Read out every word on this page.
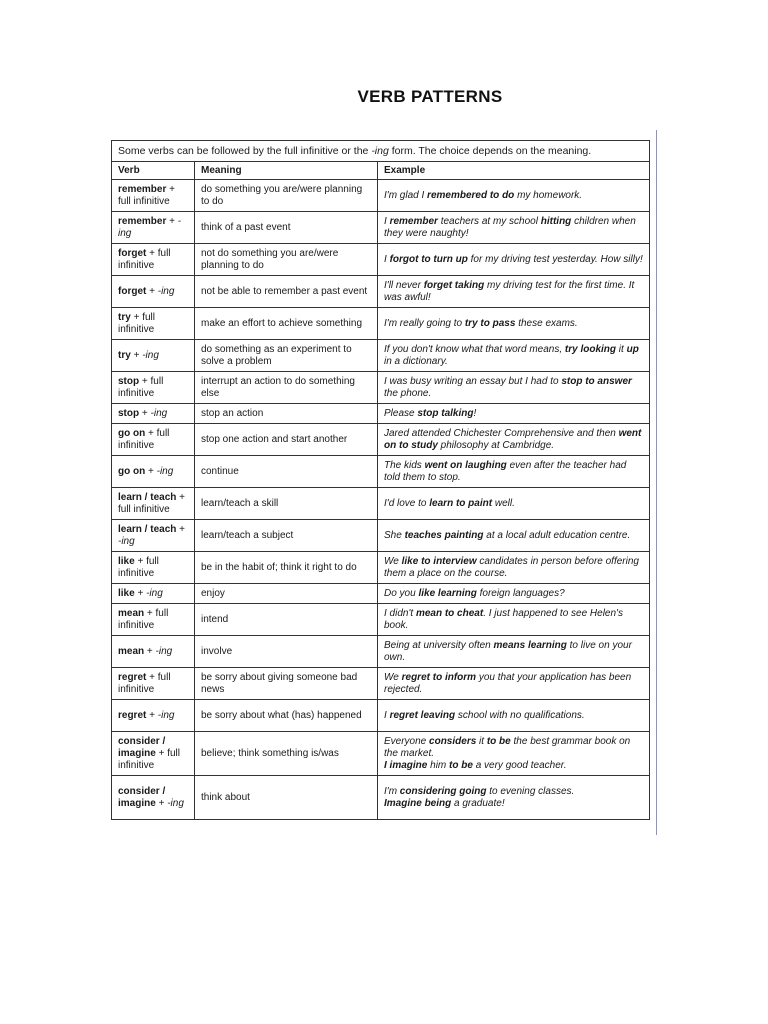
VERB PATTERNS
Some verbs can be followed by the full infinitive or the -ing form. The choice depends on the meaning.		
Verb	Meaning	Example
remember + full infinitive	do something you are/were planning to do	I'm glad I remembered to do my homework.
remember + -ing	think of a past event	I remember teachers at my school hitting children when they were naughty!
forget + full infinitive	not do something you are/were planning to do	I forgot to turn up for my driving test yesterday. How silly!
forget + -ing	not be able to remember a past event	I'll never forget taking my driving test for the first time. It was awful!
try + full infinitive	make an effort to achieve something	I'm really going to try to pass these exams.
try + -ing	do something as an experiment to solve a problem	If you don't know what that word means, try looking it up in a dictionary.
stop + full infinitive	interrupt an action to do something else	I was busy writing an essay but I had to stop to answer the phone.
stop + -ing	stop an action	Please stop talking!
go on + full infinitive	stop one action and start another	Jared attended Chichester Comprehensive and then went on to study philosophy at Cambridge.
go on + -ing	continue	The kids went on laughing even after the teacher had told them to stop.
learn / teach + full infinitive	learn/teach a skill	I'd love to learn to paint well.
learn / teach + -ing	learn/teach a subject	She teaches painting at a local adult education centre.
like + full infinitive	be in the habit of; think it right to do	We like to interview candidates in person before offering them a place on the course.
like + -ing	enjoy	Do you like learning foreign languages?
mean + full infinitive	intend	I didn't mean to cheat. I just happened to see Helen's book.
mean + -ing	involve	Being at university often means learning to live on your own.
regret + full infinitive	be sorry about giving someone bad news	We regret to inform you that your application has been rejected.
regret + -ing	be sorry about what (has) happened	I regret leaving school with no qualifications.
consider / imagine + full infinitive	believe; think something is/was	Everyone considers it to be the best grammar book on the market.
I imagine him to be a very good teacher.
consider / imagine + -ing	think about	I'm considering going to evening classes.
Imagine being a graduate!
